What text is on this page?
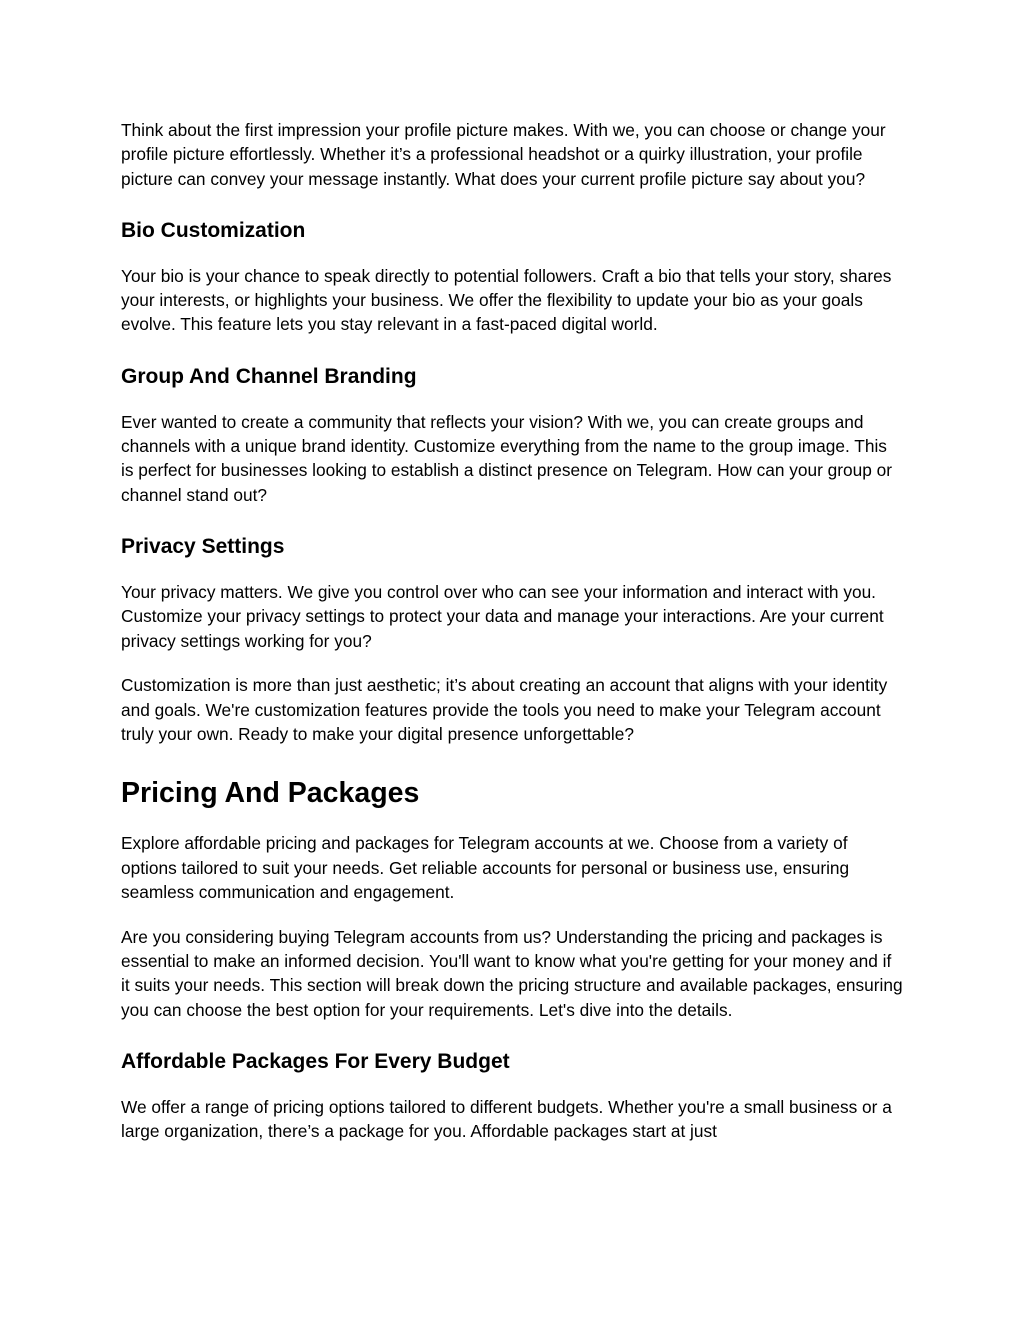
Think about the first impression your profile picture makes. With we, you can choose or change your profile picture effortlessly. Whether it’s a professional headshot or a quirky illustration, your profile picture can convey your message instantly. What does your current profile picture say about you?

Bio Customization

Your bio is your chance to speak directly to potential followers. Craft a bio that tells your story, shares your interests, or highlights your business. We offer the flexibility to update your bio as your goals evolve. This feature lets you stay relevant in a fast-paced digital world.

Group And Channel Branding

Ever wanted to create a community that reflects your vision? With we, you can create groups and channels with a unique brand identity. Customize everything from the name to the group image. This is perfect for businesses looking to establish a distinct presence on Telegram. How can your group or channel stand out?

Privacy Settings

Your privacy matters. We give you control over who can see your information and interact with you. Customize your privacy settings to protect your data and manage your interactions. Are your current privacy settings working for you?

Customization is more than just aesthetic; it’s about creating an account that aligns with your identity and goals. We're customization features provide the tools you need to make your Telegram account truly your own. Ready to make your digital presence unforgettable?

Pricing And Packages

Explore affordable pricing and packages for Telegram accounts at we. Choose from a variety of options tailored to suit your needs. Get reliable accounts for personal or business use, ensuring seamless communication and engagement.

Are you considering buying Telegram accounts from us? Understanding the pricing and packages is essential to make an informed decision. You'll want to know what you're getting for your money and if it suits your needs. This section will break down the pricing structure and available packages, ensuring you can choose the best option for your requirements. Let's dive into the details.

Affordable Packages For Every Budget

We offer a range of pricing options tailored to different budgets. Whether you're a small business or a large organization, there’s a package for you. Affordable packages start at just
